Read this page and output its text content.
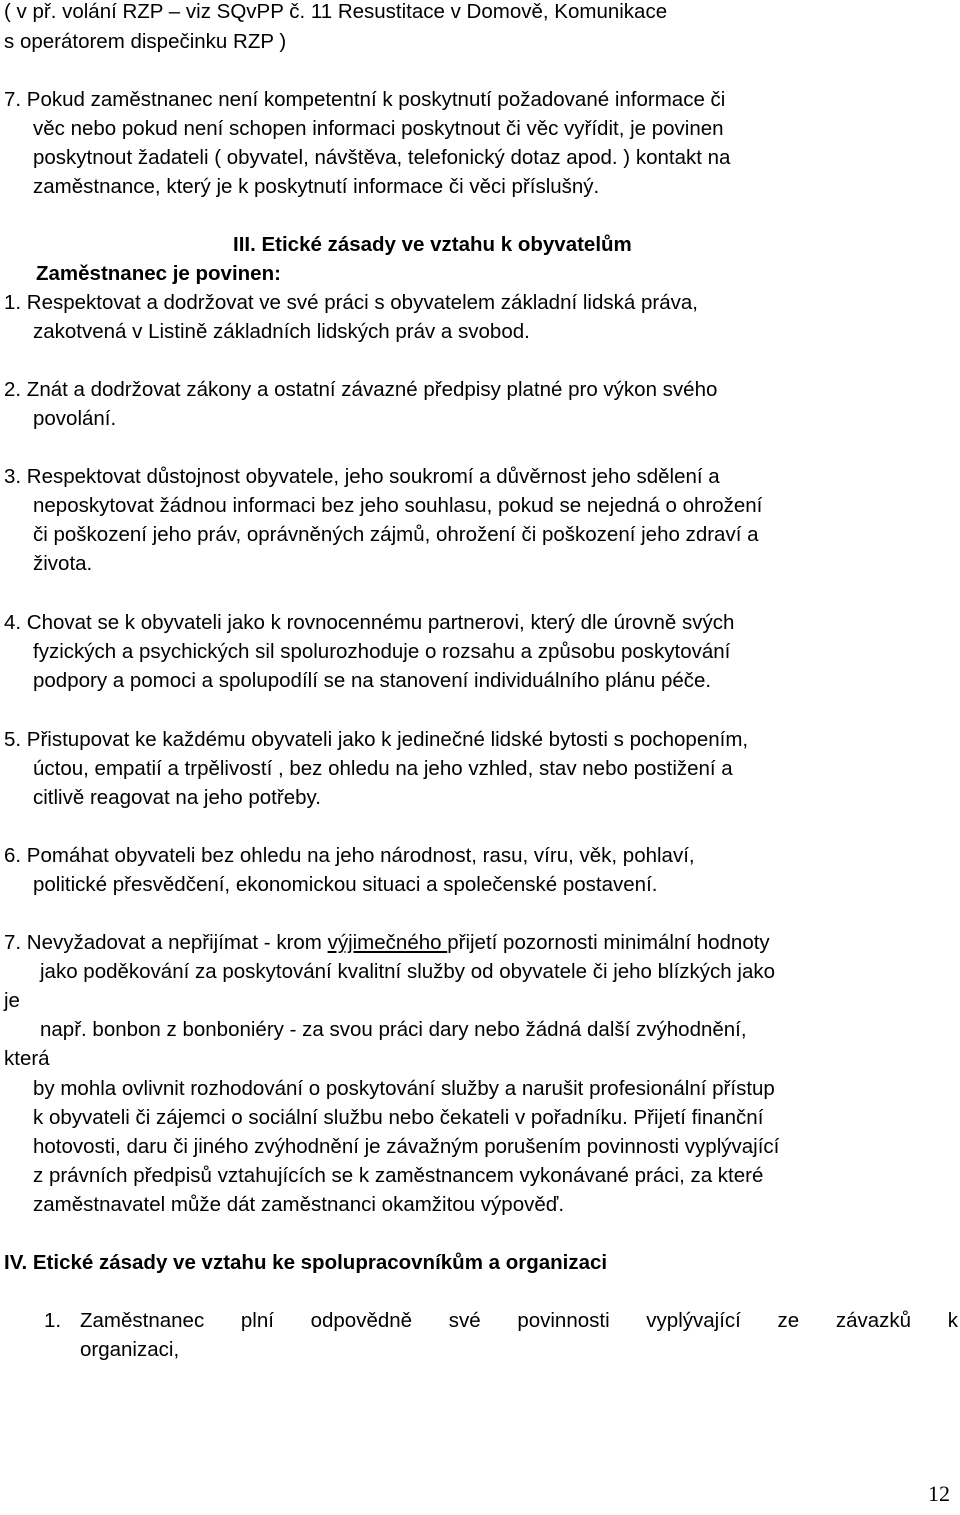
( v př. volání RZP – viz SQvPP č. 11 Resustitace v Domově, Komunikace
s operátorem dispečinku RZP )
7. Pokud zaměstnanec není kompetentní k poskytnutí požadované informace či
věc nebo pokud není schopen informaci poskytnout či věc vyřídit, je povinen
poskytnout žadateli ( obyvatel, návštěva, telefonický dotaz apod. ) kontakt na
zaměstnance, který je k poskytnutí informace či věci příslušný.
III. Etické zásady ve vztahu k obyvatelům
Zaměstnanec je povinen:
1. Respektovat a dodržovat ve své práci s obyvatelem základní lidská práva,
zakotvená v Listině základních lidských práv a svobod.
2. Znát a dodržovat zákony a ostatní závazné předpisy platné pro výkon svého
povolání.
3. Respektovat důstojnost obyvatele, jeho soukromí a důvěrnost jeho sdělení a
neposkytovat žádnou informaci bez jeho souhlasu, pokud se nejedná o ohrožení
či poškození jeho práv, oprávněných zájmů, ohrožení či poškození jeho zdraví a
života.
4. Chovat se k obyvateli jako k rovnocennému partnerovi, který dle úrovně svých
fyzických a psychických sil spolurozhoduje o rozsahu a způsobu poskytování
podpory a pomoci a spolupodílí se na stanovení individuálního plánu péče.
5. Přistupovat ke každému obyvateli jako k jedinečné lidské bytosti s pochopením,
úctou, empatií a trpělivostí , bez ohledu na jeho vzhled, stav nebo postižení a
citlivě reagovat na jeho potřeby.
6. Pomáhat obyvateli bez ohledu na jeho národnost, rasu, víru, věk, pohlaví,
politické přesvědčení, ekonomickou situaci a společenské postavení.
7. Nevyžadovat a nepřijímat - krom výjimečného přijetí pozornosti minimální hodnoty
jako poděkování za poskytování kvalitní služby od obyvatele či jeho blízkých jako
je
např. bonbon z bonboniéry - za svou práci dary nebo žádná další zvýhodnění,
která
by mohla ovlivnit rozhodování o poskytování služby a narušit profesionální přístup
k obyvateli či zájemci o sociální službu nebo čekateli v pořadníku. Přijetí finanční
hotovosti, daru či jiného zvýhodnění je závažným porušením povinnosti vyplývající
z právních předpisů vztahujících se k zaměstnancem vykonávané práci, za které
zaměstnavatel může dát zaměstnanci okamžitou výpověď.
IV. Etické zásady ve vztahu ke spolupracovníkům a organizaci
1. Zaměstnanec plní odpovědně své povinnosti vyplývající ze závazků k
organizaci,
12
